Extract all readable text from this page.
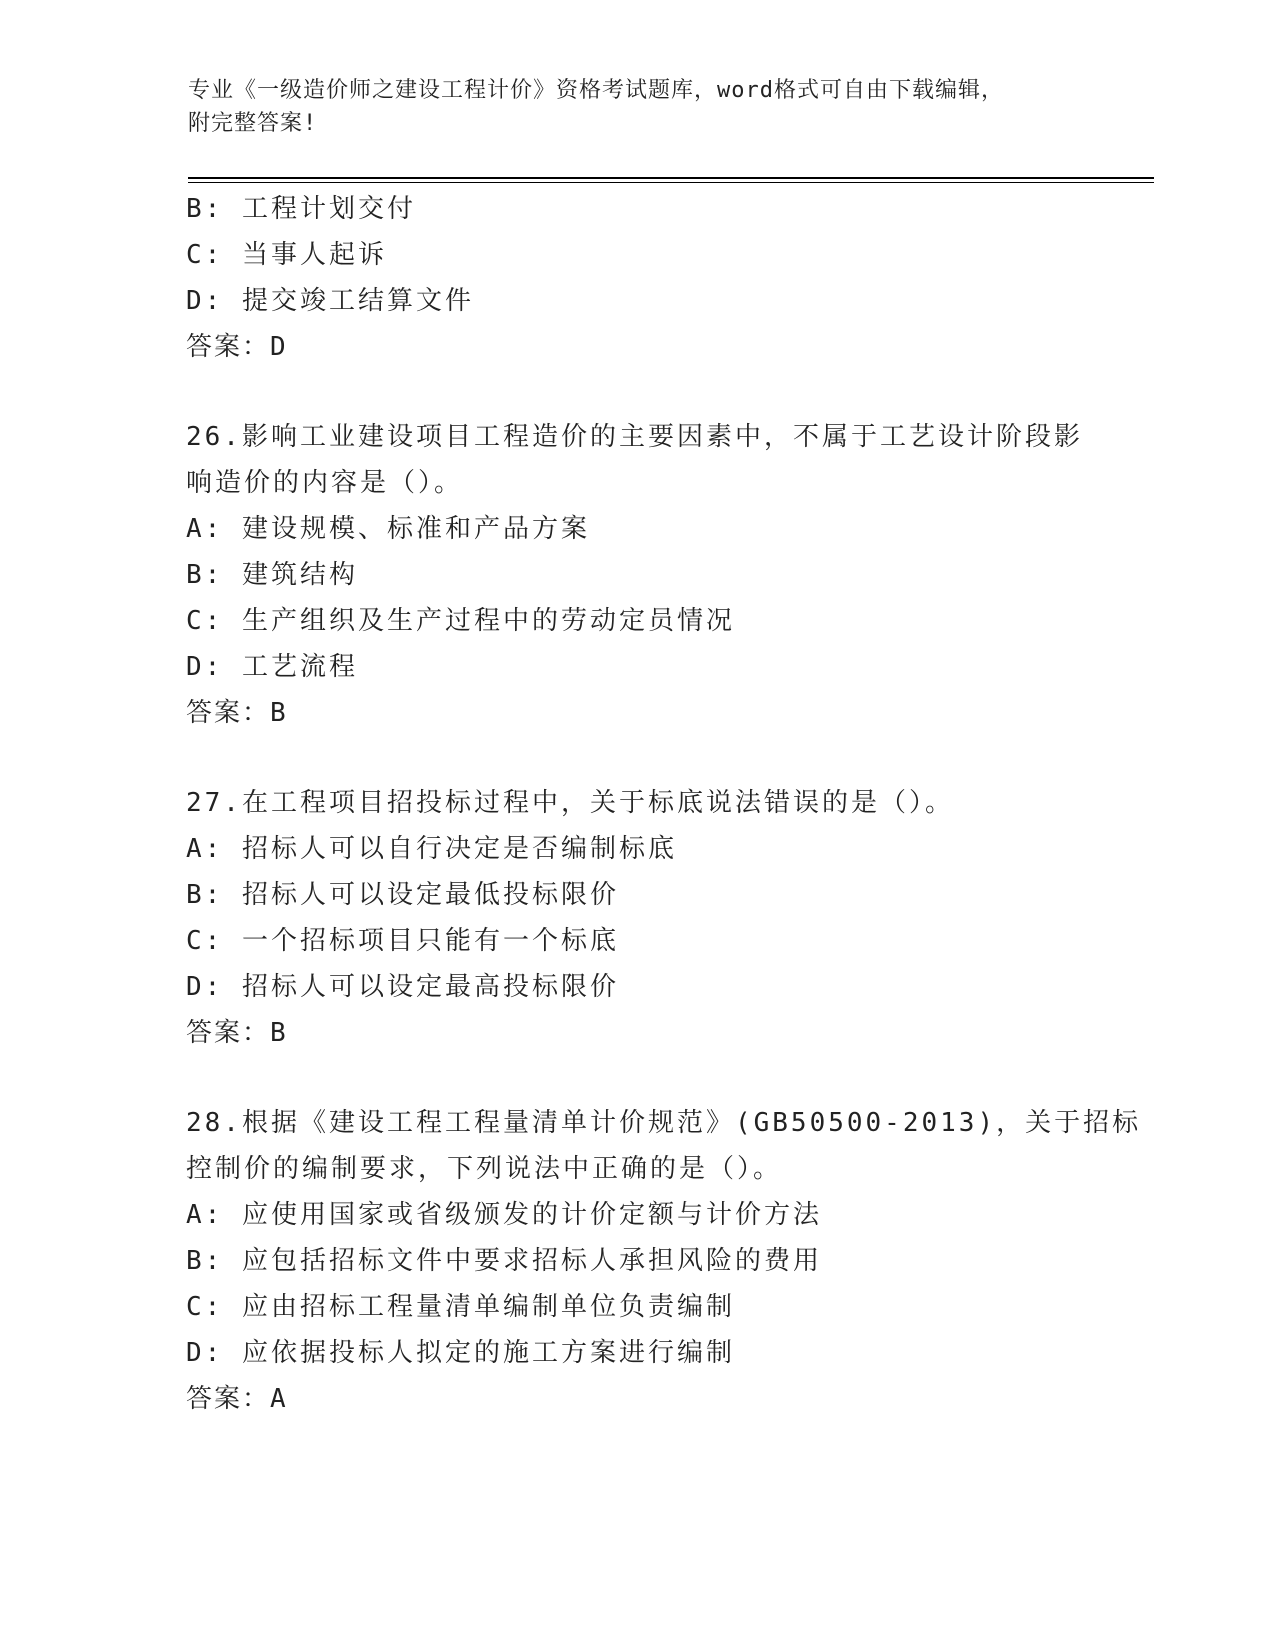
专业《一级造价师之建设工程计价》资格考试题库，word格式可自由下载编辑，
附完整答案!
B: 工程计划交付
C: 当事人起诉
D: 提交竣工结算文件
答案：D
26.影响工业建设项目工程造价的主要因素中，不属于工艺设计阶段影
响造价的内容是（）。
A: 建设规模、标准和产品方案
B: 建筑结构
C: 生产组织及生产过程中的劳动定员情况
D: 工艺流程
答案：B
27.在工程项目招投标过程中，关于标底说法错误的是（）。
A: 招标人可以自行决定是否编制标底
B: 招标人可以设定最低投标限价
C: 一个招标项目只能有一个标底
D: 招标人可以设定最高投标限价
答案：B
28.根据《建设工程工程量清单计价规范》(GB50500-2013)，关于招标
控制价的编制要求，下列说法中正确的是（）。
A: 应使用国家或省级颁发的计价定额与计价方法
B: 应包括招标文件中要求招标人承担风险的费用
C: 应由招标工程量清单编制单位负责编制
D: 应依据投标人拟定的施工方案进行编制
答案：A
